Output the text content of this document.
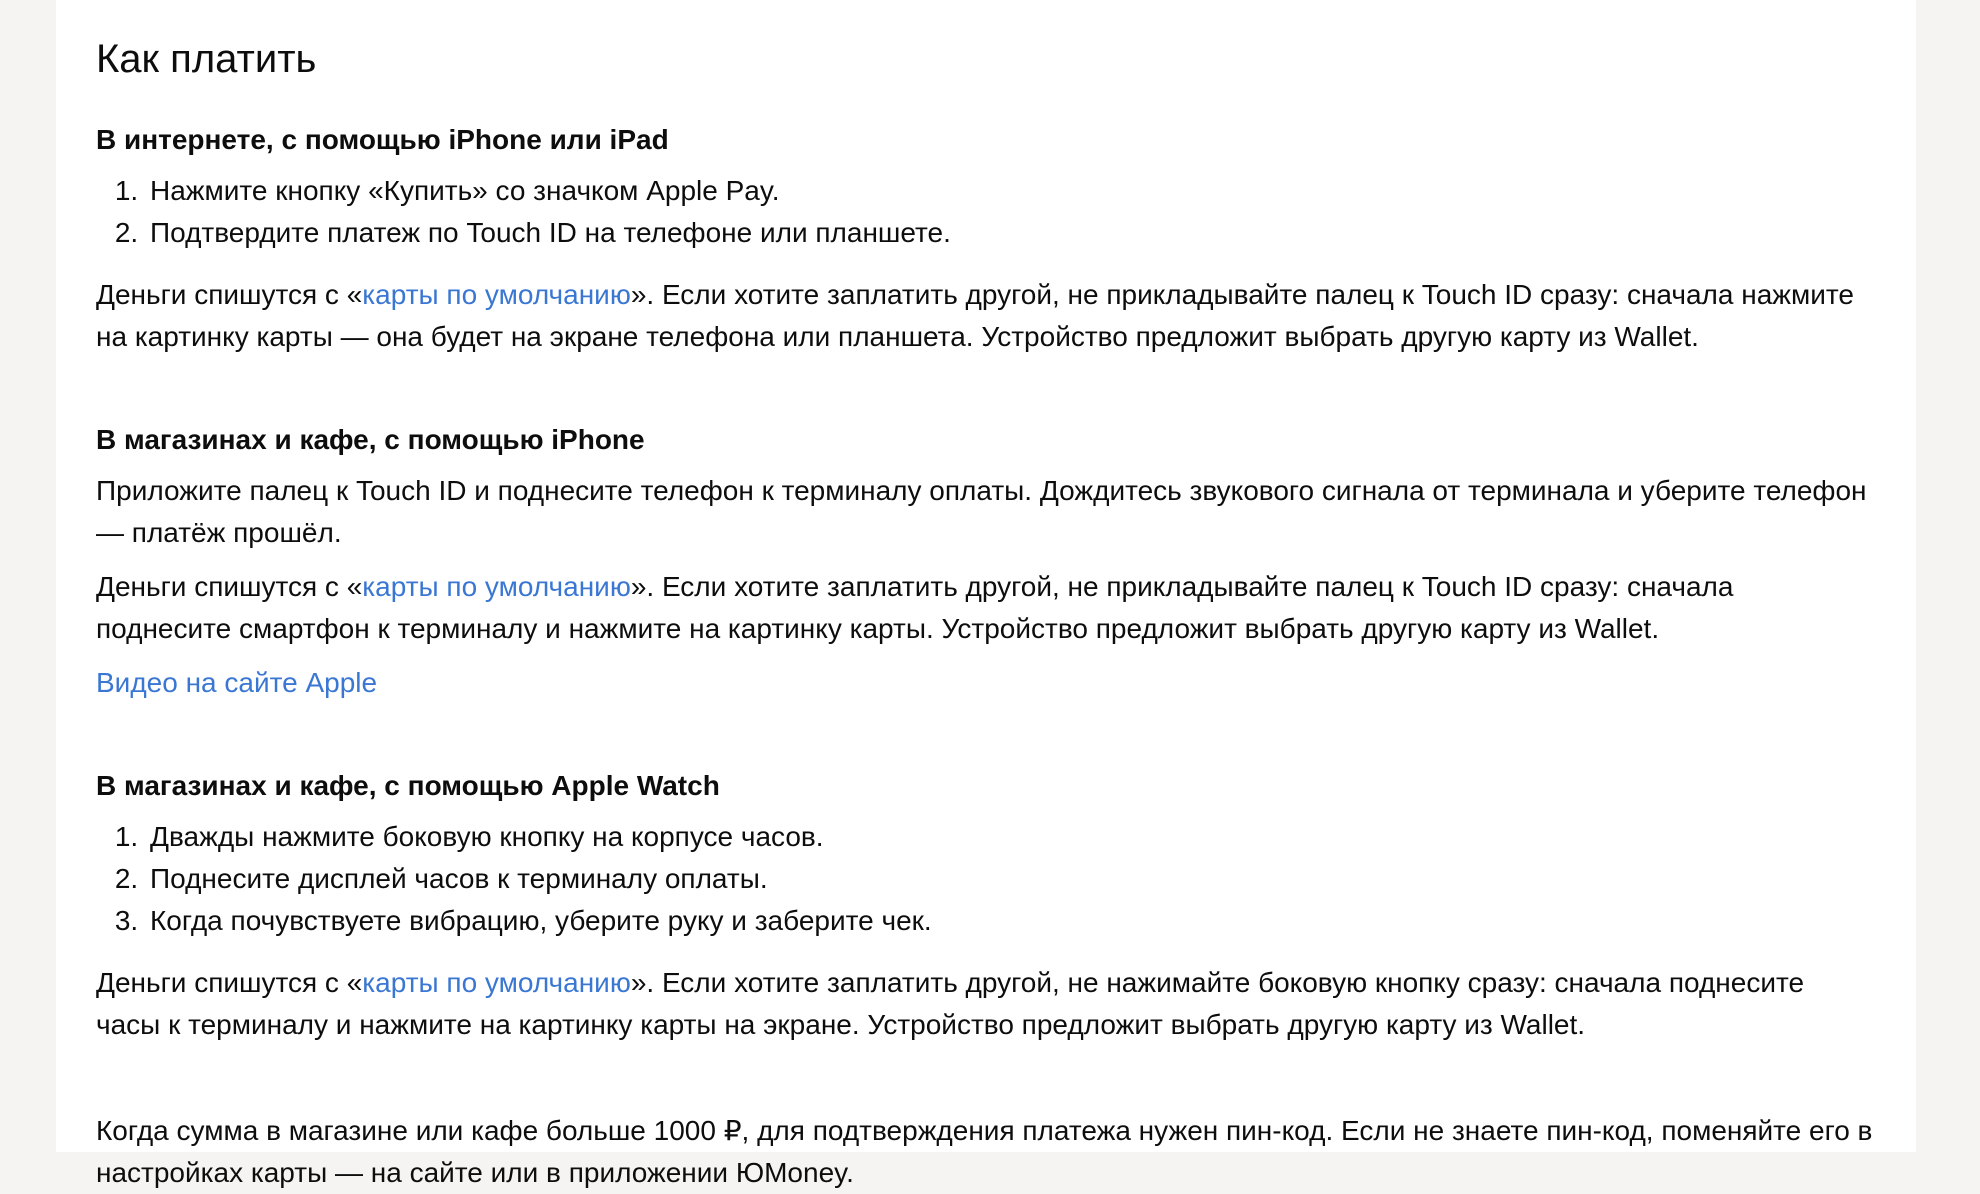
Как платить
В интернете, с помощью iPhone или iPad
1. Нажмите кнопку «Купить» со значком Apple Pay.
2. Подтвердите платеж по Touch ID на телефоне или планшете.

Деньги спишутся с «карты по умолчанию». Если хотите заплатить другой, не прикладывайте палец к Touch ID сразу: сначала нажмите на картинку карты — она будет на экране телефона или планшета. Устройство предложит выбрать другую карту из Wallet.

В магазинах и кафе, с помощью iPhone

Приложите палец к Touch ID и поднесите телефон к терминалу оплаты. Дождитесь звукового сигнала от терминала и уберите телефон — платёж прошёл.

Деньги спишутся с «карты по умолчанию». Если хотите заплатить другой, не прикладывайте палец к Touch ID сразу: сначала поднесите смартфон к терминалу и нажмите на картинку карты. Устройство предложит выбрать другую карту из Wallet.

Видео на сайте Apple

В магазинах и кафе, с помощью Apple Watch
1. Дважды нажмите боковую кнопку на корпусе часов.
2. Поднесите дисплей часов к терминалу оплаты.
3. Когда почувствуете вибрацию, уберите руку и заберите чек.

Деньги спишутся с «карты по умолчанию». Если хотите заплатить другой, не нажимайте боковую кнопку сразу: сначала поднесите часы к терминалу и нажмите на картинку карты на экране. Устройство предложит выбрать другую карту из Wallet.

Когда сумма в магазине или кафе больше 1000 ₽, для подтверждения платежа нужен пин-код. Если не знаете пин-код, поменяйте его в настройках карты — на сайте или в приложении ЮMoney.
